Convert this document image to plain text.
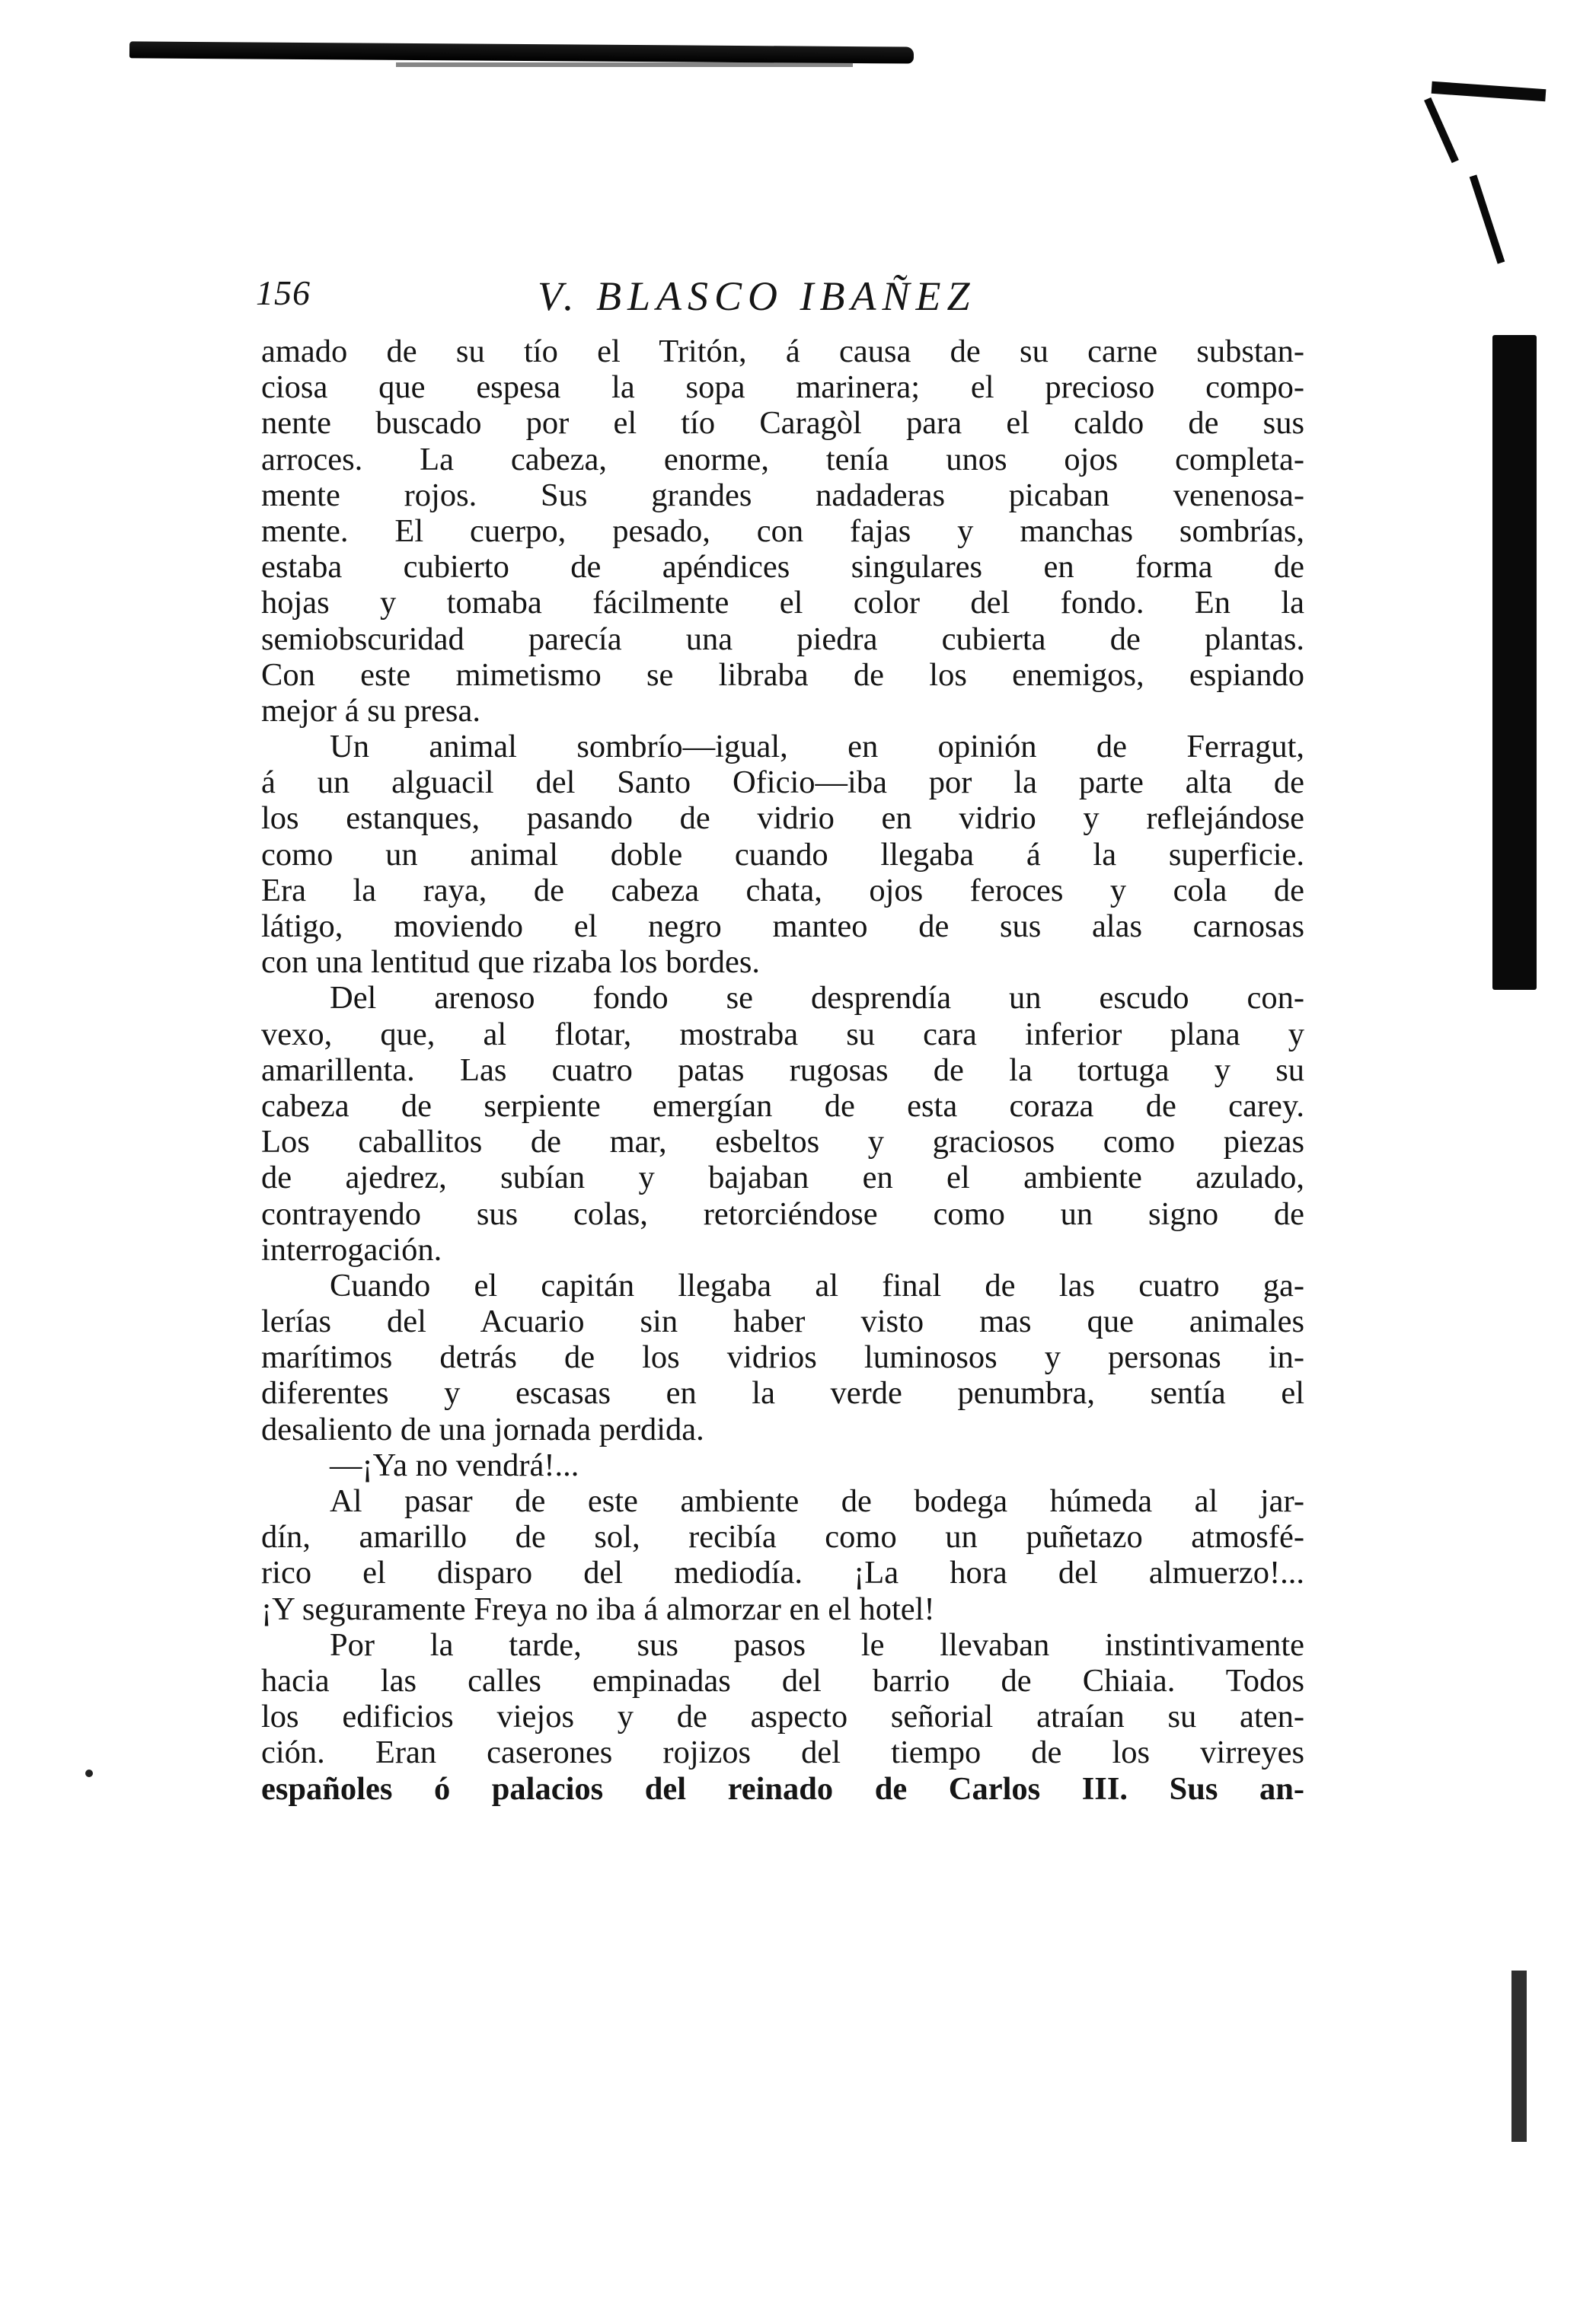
156	V. BLASCO IBAÑEZ
amado de su tío el Tritón, á causa de su carne substan-
ciosa que espesa la sopa marinera; el precioso compo-
nente buscado por el tío Caragòl para el caldo de sus
arroces. La cabeza, enorme, tenía unos ojos completa-
mente rojos. Sus grandes nadaderas picaban venenosa-
mente. El cuerpo, pesado, con fajas y manchas sombrías,
estaba cubierto de apéndices singulares en forma de
hojas y tomaba fácilmente el color del fondo. En la
semiobscuridad parecía una piedra cubierta de plantas.
Con este mimetismo se libraba de los enemigos, espiando
mejor á su presa.
Un animal sombrío—igual, en opinión de Ferragut,
á un alguacil del Santo Oficio—iba por la parte alta de
los estanques, pasando de vidrio en vidrio y reflejándose
como un animal doble cuando llegaba á la superficie.
Era la raya, de cabeza chata, ojos feroces y cola de
látigo, moviendo el negro manteo de sus alas carnosas
con una lentitud que rizaba los bordes.
Del arenoso fondo se desprendía un escudo con-
vexo, que, al flotar, mostraba su cara inferior plana y
amarillenta. Las cuatro patas rugosas de la tortuga y su
cabeza de serpiente emergían de esta coraza de carey.
Los caballitos de mar, esbeltos y graciosos como piezas
de ajedrez, subían y bajaban en el ambiente azulado,
contrayendo sus colas, retorciéndose como un signo de
interrogación.
Cuando el capitán llegaba al final de las cuatro ga-
lerías del Acuario sin haber visto mas que animales
marítimos detrás de los vidrios luminosos y personas in-
diferentes y escasas en la verde penumbra, sentía el
desaliento de una jornada perdida.
—¡Ya no vendrá!...
Al pasar de este ambiente de bodega húmeda al jar-
dín, amarillo de sol, recibía como un puñetazo atmosfé-
rico el disparo del mediodía. ¡La hora del almuerzo!...
¡Y seguramente Freya no iba á almorzar en el hotel!
Por la tarde, sus pasos le llevaban instintivamente
hacia las calles empinadas del barrio de Chiaia. Todos
los edificios viejos y de aspecto señorial atraían su aten-
ción. Eran caserones rojizos del tiempo de los virreyes
españoles ó palacios del reinado de Carlos III. Sus an-
